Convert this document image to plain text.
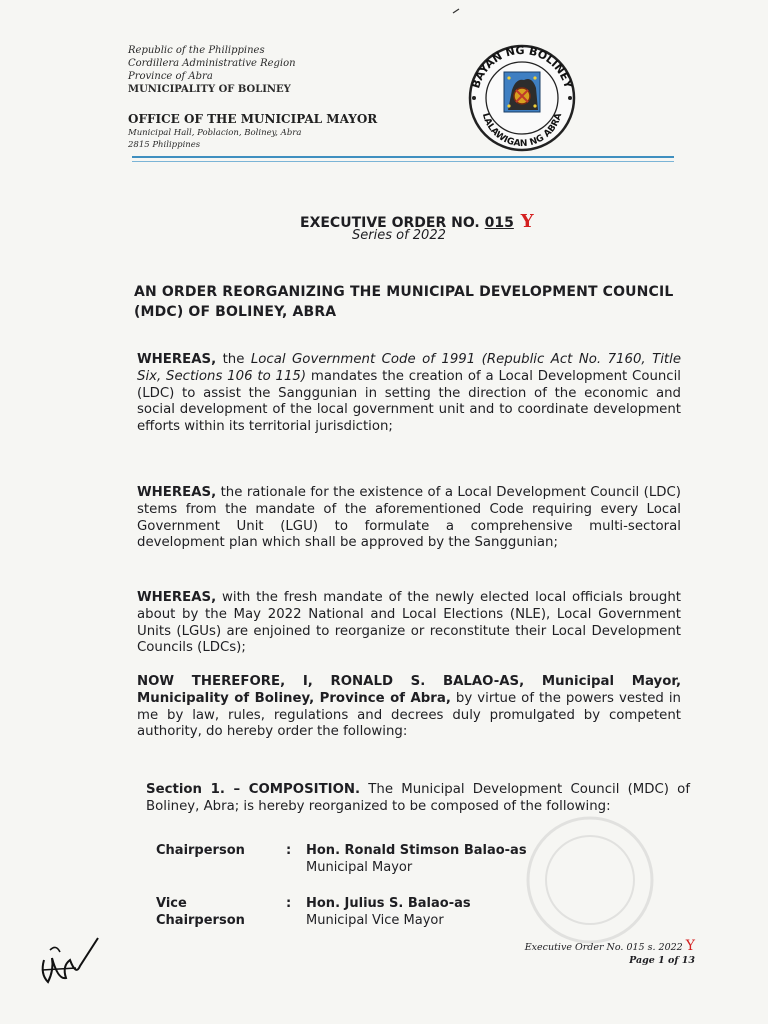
Republic of the Philippines
Cordillera Administrative Region
Province of Abra
MUNICIPALITY OF BOLINEY
OFFICE OF THE MUNICIPAL MAYOR
Municipal Hall, Poblacion, Boliney, Abra
2815 Philippines
BAYAN NG BOLINEY
LALAWIGAN NG ABRA
EXECUTIVE ORDER NO. 015 Y
Series of 2022
AN ORDER REORGANIZING THE MUNICIPAL DEVELOPMENT COUNCIL (MDC) OF BOLINEY, ABRA
WHEREAS, the Local Government Code of 1991 (Republic Act No. 7160, Title Six, Sections 106 to 115) mandates the creation of a Local Development Council (LDC) to assist the Sanggunian in setting the direction of the economic and social development of the local government unit and to coordinate development efforts within its territorial jurisdiction;
WHEREAS, the rationale for the existence of a Local Development Council (LDC) stems from the mandate of the aforementioned Code requiring every Local Government Unit (LGU) to formulate a comprehensive multi-sectoral development plan which shall be approved by the Sanggunian;
WHEREAS, with the fresh mandate of the newly elected local officials brought about by the May 2022 National and Local Elections (NLE), Local Government Units (LGUs) are enjoined to reorganize or reconstitute their Local Development Councils (LDCs);
NOW THEREFORE, I, RONALD S. BALAO-AS, Municipal Mayor, Municipality of Boliney, Province of Abra, by virtue of the powers vested in me by law, rules, regulations and decrees duly promulgated by competent authority, do hereby order the following:
Section 1. – COMPOSITION. The Municipal Development Council (MDC) of Boliney, Abra; is hereby reorganized to be composed of the following:
Chairperson	: Hon. Ronald Stimson Balao-as
Municipal Mayor
Vice Chairperson
: Hon. Julius S. Balao-as
Municipal Vice Mayor
Executive Order No. 015 s. 2022 Y
Page 1 of 13
